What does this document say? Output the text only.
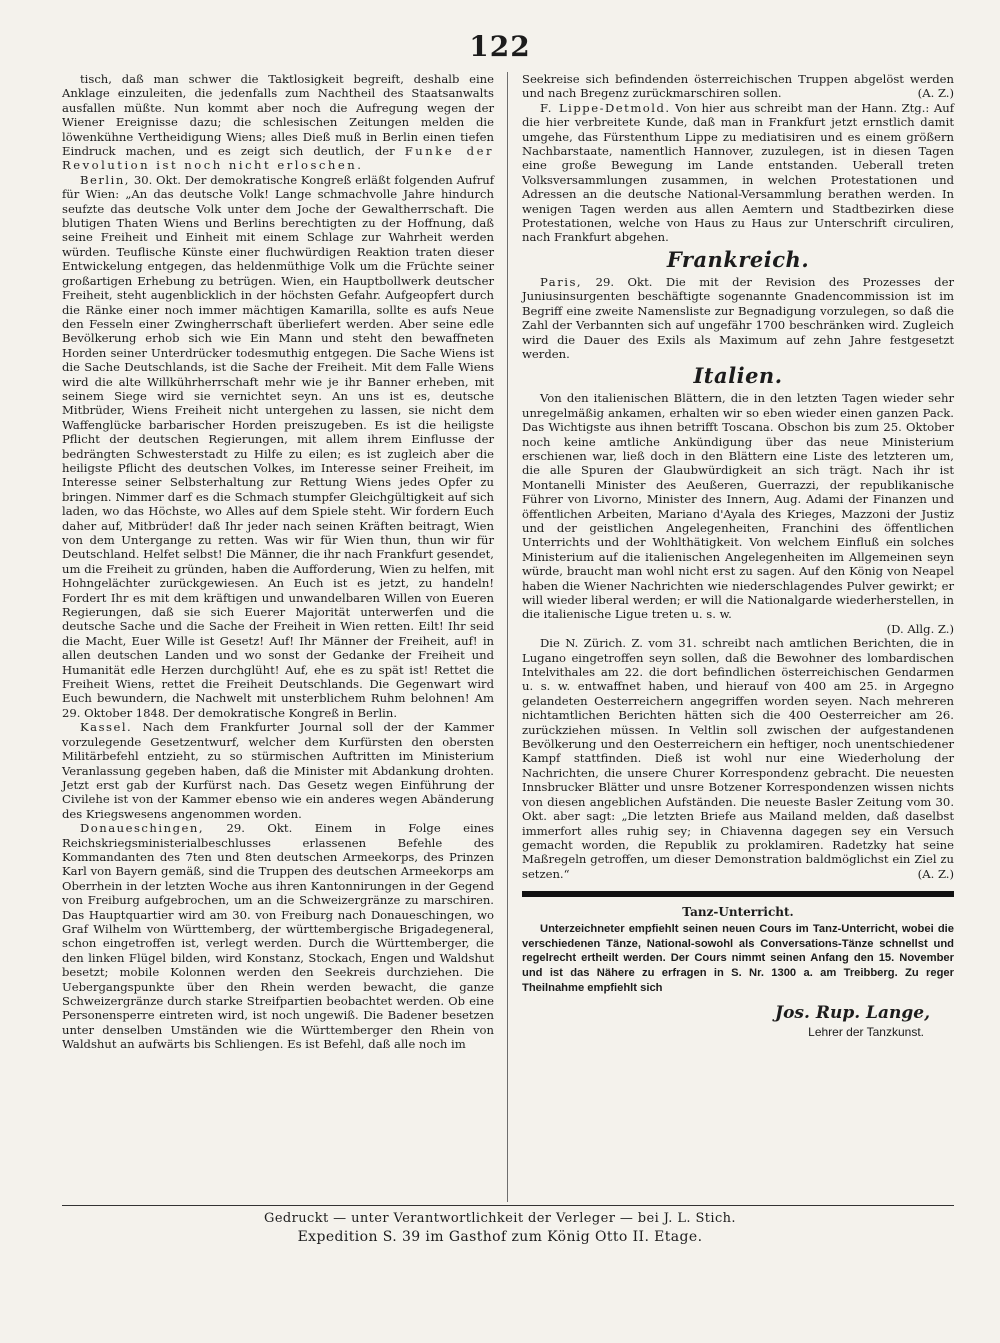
122

tisch, daß man schwer die Taktlosigkeit begreift, deshalb eine Anklage einzuleiten, die jedenfalls zum Nachtheil des Staatsanwalts ausfallen müßte. Nun kommt aber noch die Aufregung wegen der Wiener Ereignisse dazu; die schlesischen Zeitungen melden die löwenkühne Vertheidigung Wiens; alles Dieß muß in Berlin einen tiefen Eindruck machen, und es zeigt sich deutlich, der Funke der Revolution ist noch nicht erloschen.

Berlin, 30. Okt. Der demokratische Kongreß erläßt folgenden Aufruf für Wien: „An das deutsche Volk! Lange schmachvolle Jahre hindurch seufzte das deutsche Volk unter dem Joche der Gewaltherrschaft. Die blutigen Thaten Wiens und Berlins berechtigten zu der Hoffnung, daß seine Freiheit und Einheit mit einem Schlage zur Wahrheit werden würden. Teuflische Künste einer fluchwürdigen Reaktion traten dieser Entwickelung entgegen, das heldenmüthige Volk um die Früchte seiner großartigen Erhebung zu betrügen. Wien, ein Hauptbollwerk deutscher Freiheit, steht augenblicklich in der höchsten Gefahr. Aufgeopfert durch die Ränke einer noch immer mächtigen Kamarilla, sollte es aufs Neue den Fesseln einer Zwingherrschaft überliefert werden. Aber seine edle Bevölkerung erhob sich wie Ein Mann und steht den bewaffneten Horden seiner Unterdrücker todesmuthig entgegen. Die Sache Wiens ist die Sache Deutschlands, ist die Sache der Freiheit. Mit dem Falle Wiens wird die alte Willkührherrschaft mehr wie je ihr Banner erheben, mit seinem Siege wird sie vernichtet seyn. An uns ist es, deutsche Mitbrüder, Wiens Freiheit nicht untergehen zu lassen, sie nicht dem Waffenglücke barbarischer Horden preiszugeben. Es ist die heiligste Pflicht der deutschen Regierungen, mit allem ihrem Einflusse der bedrängten Schwesterstadt zu Hilfe zu eilen; es ist zugleich aber die heiligste Pflicht des deutschen Volkes, im Interesse seiner Freiheit, im Interesse seiner Selbsterhaltung zur Rettung Wiens jedes Opfer zu bringen. Nimmer darf es die Schmach stumpfer Gleichgültigkeit auf sich laden, wo das Höchste, wo Alles auf dem Spiele steht. Wir fordern Euch daher auf, Mitbrüder! daß Ihr jeder nach seinen Kräften beitragt, Wien von dem Untergange zu retten. Was wir für Wien thun, thun wir für Deutschland. Helfet selbst! Die Männer, die ihr nach Frankfurt gesendet, um die Freiheit zu gründen, haben die Aufforderung, Wien zu helfen, mit Hohngelächter zurückgewiesen. An Euch ist es jetzt, zu handeln! Fordert Ihr es mit dem kräftigen und unwandelbaren Willen von Eueren Regierungen, daß sie sich Euerer Majorität unterwerfen und die deutsche Sache und die Sache der Freiheit in Wien retten. Eilt! Ihr seid die Macht, Euer Wille ist Gesetz! Auf! Ihr Männer der Freiheit, auf! in allen deutschen Landen und wo sonst der Gedanke der Freiheit und Humanität edle Herzen durchglüht! Auf, ehe es zu spät ist! Rettet die Freiheit Wiens, rettet die Freiheit Deutschlands. Die Gegenwart wird Euch bewundern, die Nachwelt mit unsterblichem Ruhm belohnen! Am 29. Oktober 1848. Der demokratische Kongreß in Berlin.

Kassel. Nach dem Frankfurter Journal soll der der Kammer vorzulegende Gesetzentwurf, welcher dem Kurfürsten den obersten Militärbefehl entzieht, zu so stürmischen Auftritten im Ministerium Veranlassung gegeben haben, daß die Minister mit Abdankung drohten. Jetzt erst gab der Kurfürst nach. Das Gesetz wegen Einführung der Civilehe ist von der Kammer ebenso wie ein anderes wegen Abänderung des Kriegswesens angenommen worden.

Donaueschingen, 29. Okt. Einem in Folge eines Reichskriegsministerialbeschlusses erlassenen Befehle des Kommandanten des 7ten und 8ten deutschen Armeekorps, des Prinzen Karl von Bayern gemäß, sind die Truppen des deutschen Armeekorps am Oberrhein in der letzten Woche aus ihren Kantonnirungen in der Gegend von Freiburg aufgebrochen, um an die Schweizergränze zu marschiren. Das Hauptquartier wird am 30. von Freiburg nach Donaueschingen, wo Graf Wilhelm von Württemberg, der württembergische Brigadegeneral, schon eingetroffen ist, verlegt werden. Durch die Württemberger, die den linken Flügel bilden, wird Konstanz, Stockach, Engen und Waldshut besetzt; mobile Kolonnen werden den Seekreis durchziehen. Die Uebergangspunkte über den Rhein werden bewacht, die ganze Schweizergränze durch starke Streifpartien beobachtet werden. Ob eine Personensperre eintreten wird, ist noch ungewiß. Die Badener besetzen unter denselben Umständen wie die Württemberger den Rhein von Waldshut an aufwärts bis Schliengen. Es ist Befehl, daß alle noch im

Seekreise sich befindenden österreichischen Truppen abgelöst werden und nach Bregenz zurückmarschiren sollen.	(A. Z.)

F. Lippe-Detmold. Von hier aus schreibt man der Hann. Ztg.: Auf die hier verbreitete Kunde, daß man in Frankfurt jetzt ernstlich damit umgehe, das Fürstenthum Lippe zu mediatisiren und es einem größern Nachbarstaate, namentlich Hannover, zuzulegen, ist in diesen Tagen eine große Bewegung im Lande entstanden. Ueberall treten Volksversammlungen zusammen, in welchen Protestationen und Adressen an die deutsche National-Versammlung berathen werden. In wenigen Tagen werden aus allen Aemtern und Stadtbezirken diese Protestationen, welche von Haus zu Haus zur Unterschrift circuliren, nach Frankfurt abgehen.

Frankreich.

Paris, 29. Okt. Die mit der Revision des Prozesses der Juniusinsurgenten beschäftigte sogenannte Gnadencommission ist im Begriff eine zweite Namensliste zur Begnadigung vorzulegen, so daß die Zahl der Verbannten sich auf ungefähr 1700 beschränken wird. Zugleich wird die Dauer des Exils als Maximum auf zehn Jahre festgesetzt werden.

Italien.

Von den italienischen Blättern, die in den letzten Tagen wieder sehr unregelmäßig ankamen, erhalten wir so eben wieder einen ganzen Pack. Das Wichtigste aus ihnen betrifft Toscana. Obschon bis zum 25. Oktober noch keine amtliche Ankündigung über das neue Ministerium erschienen war, ließ doch in den Blättern eine Liste des letzteren um, die alle Spuren der Glaubwürdigkeit an sich trägt. Nach ihr ist Montanelli Minister des Aeußeren, Guerrazzi, der republikanische Führer von Livorno, Minister des Innern, Aug. Adami der Finanzen und öffentlichen Arbeiten, Mariano d'Ayala des Krieges, Mazzoni der Justiz und der geistlichen Angelegenheiten, Franchini des öffentlichen Unterrichts und der Wohlthätigkeit. Von welchem Einfluß ein solches Ministerium auf die italienischen Angelegenheiten im Allgemeinen seyn würde, braucht man wohl nicht erst zu sagen. Auf den König von Neapel haben die Wiener Nachrichten wie niederschlagendes Pulver gewirkt; er will wieder liberal werden; er will die Nationalgarde wiederherstellen, in die italienische Ligue treten u. s. w.

(D. Allg. Z.)

Die N. Zürich. Z. vom 31. schreibt nach amtlichen Berichten, die in Lugano eingetroffen seyn sollen, daß die Bewohner des lombardischen Intelvithales am 22. die dort befindlichen österreichischen Gendarmen u. s. w. entwaffnet haben, und hierauf von 400 am 25. in Argegno gelandeten Oesterreichern angegriffen worden seyen. Nach mehreren nichtamtlichen Berichten hätten sich die 400 Oesterreicher am 26. zurückziehen müssen. In Veltlin soll zwischen der aufgestandenen Bevölkerung und den Oesterreichern ein heftiger, noch unentschiedener Kampf stattfinden. Dieß ist wohl nur eine Wiederholung der Nachrichten, die unsere Churer Korrespondenz gebracht. Die neuesten Innsbrucker Blätter und unsre Botzener Korrespondenzen wissen nichts von diesen angeblichen Aufständen. Die neueste Basler Zeitung vom 30. Okt. aber sagt: „Die letzten Briefe aus Mailand melden, daß daselbst immerfort alles ruhig sey; in Chiavenna dagegen sey ein Versuch gemacht worden, die Republik zu proklamiren. Radetzky hat seine Maßregeln getroffen, um dieser Demonstration baldmöglichst ein Ziel zu setzen.“	(A. Z.)

Tanz-Unterricht.

Unterzeichneter empfiehlt seinen neuen Cours im Tanz-Unterricht, wobei die verschiedenen Tänze, National-sowohl als Conversations-Tänze schnellst und regelrecht ertheilt werden. Der Cours nimmt seinen Anfang den 15. November und ist das Nähere zu erfragen in S. Nr. 1300 a. am Treibberg. Zu reger Theilnahme empfiehlt sich

Jos. Rup. Lange,
Lehrer der Tanzkunst.
Gedruckt — unter Verantwortlichkeit der Verleger — bei J. L. Stich.
Expedition S. 39 im Gasthof zum König Otto II. Etage.
